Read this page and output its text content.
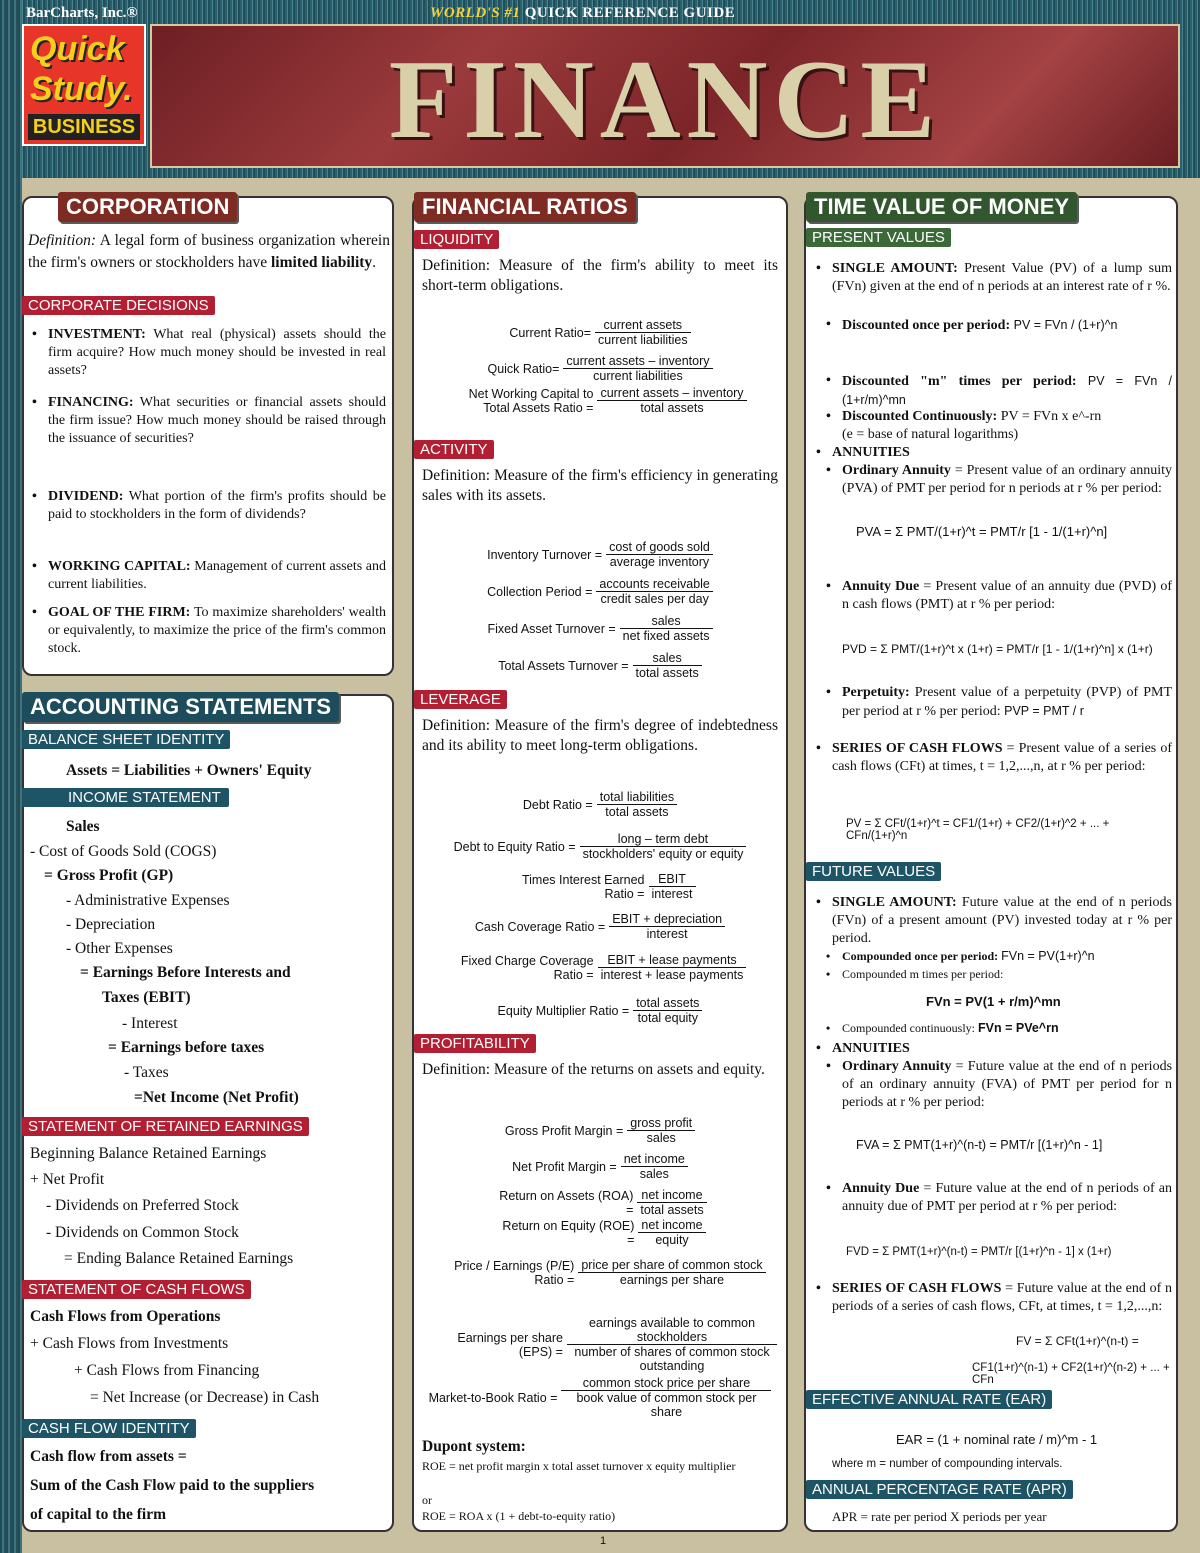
BarCharts, Inc.®	WORLD'S #1 QUICK REFERENCE GUIDE
Quick
Study.
BUSINESS	FINANCE
Definition: A legal form of business organization wherein the firm's owners or stockholders have limited liability.
• INVESTMENT: What real (physical) assets should the firm acquire? How much money should be invested in real assets?
• FINANCING: What securities or financial assets should the firm issue? How much money should be raised through the issuance of securities?
• DIVIDEND: What portion of the firm's profits should be paid to stockholders in the form of dividends?
• WORKING CAPITAL: Management of current assets and current liabilities.
• GOAL OF THE FIRM: To maximize shareholders' wealth or equivalently, to maximize the price of the firm's common stock.
CORPORATION
CORPORATE DECISIONS
Assets = Liabilities + Owners' Equity
Sales
- Cost of Goods Sold (COGS)
= Gross Profit (GP)
- Administrative Expenses
- Depreciation
- Other Expenses
= Earnings Before Interests and
Taxes (EBIT)
- Interest
= Earnings before taxes
- Taxes
=Net Income (Net Profit)
Beginning Balance Retained Earnings
+ Net Profit
- Dividends on Preferred Stock
- Dividends on Common Stock
= Ending Balance Retained Earnings
Cash Flows from Operations
+ Cash Flows from Investments
+ Cash Flows from Financing
= Net Increase (or Decrease) in Cash
Cash flow from assets =
Sum of the Cash Flow paid to the suppliers
of capital to the firm
ACCOUNTING STATEMENTS
BALANCE SHEET IDENTITY
INCOME STATEMENT
STATEMENT OF RETAINED EARNINGS
STATEMENT OF CASH FLOWS
CASH FLOW IDENTITY
Definition: Measure of the firm's ability to meet its short-term obligations.
Definition: Measure of the firm's efficiency in generating sales with its assets.
Definition: Measure of the firm's degree of indebtedness and its ability to meet long-term obligations.
Definition: Measure of the returns on assets and equity.
Dupont system:
ROE = net profit margin x total asset turnover x equity multiplier
or
ROE = ROA x (1 + debt-to-equity ratio)
FINANCIAL RATIOS
LIQUIDITY
ACTIVITY
LEVERAGE
PROFITABILITY
Current Ratio= $\frac{\text{current assets}}{\text{current liabilities}}$
Quick Ratio= $\frac{\text{current assets – inventory}}{\text{current liabilities}}$
Net Working Capital to Total Assets Ratio = $\frac{\text{current assets – inventory}}{\text{total assets}}$
Inventory Turnover = $\frac{\text{cost of goods sold}}{\text{average inventory}}$
Collection Period = $\frac{\text{accounts receivable}}{\text{credit sales per day}}$
Fixed Asset Turnover = $\frac{\text{sales}}{\text{net fixed assets}}$
Total Assets Turnover = $\frac{\text{sales}}{\text{total assets}}$
Debt Ratio = $\frac{\text{total liabilities}}{\text{total assets}}$
Debt to Equity Ratio = $\frac{\text{long – term debt}}{\text{stockholders' equity or equity}}$
Times Interest Earned Ratio = $\frac{\text{EBIT}}{\text{interest}}$
Cash Coverage Ratio = $\frac{\text{EBIT + depreciation}}{\text{interest}}$
Fixed Charge Coverage Ratio = $\frac{\text{EBIT + lease payments}}{\text{interest + lease payments}}$
Equity Multiplier Ratio = $\frac{\text{total assets}}{\text{total equity}}$
Gross Profit Margin = $\frac{\text{gross profit}}{\text{sales}}$
Net Profit Margin = $\frac{\text{net income}}{\text{sales}}$
Return on Assets $(ROA) = \frac{\text{net income}}{\text{total assets}}$
Return on Equity $(ROE) = \frac{\text{net income}}{\text{equity}}$
Price / Earnings (P/E) Ratio = $\frac{\text{price per share of common stock}}{\text{earnings per share}}$
Earnings per share $(EPS) = \frac{\text{earnings available to common stockholders}}{\text{number of shares of common stock outstanding}}$
Market-to-Book Ratio = $\frac{\text{common stock price per share}}{\text{book value of common stock per share}}$
• SINGLE AMOUNT: Present Value (PV) of a lump sum (FVn) given at the end of n periods at an interest rate of r %.
• Discounted once per period: PV = FVn / (1+r)^n
• Discounted "m" times per period: PV = FVn / (1+r/m)^mn
• Discounted Continuously: PV = FVn x e^-rn
(e = base of natural logarithms)
• ANNUITIES
• Ordinary Annuity = Present value of an ordinary annuity (PVA) of PMT per period for n periods at r % per period:
PVA = Σ PMT/(1+r)^t = PMT/r [1 - 1/(1+r)^n]
• Annuity Due = Present value of an annuity due (PVD) of n cash flows (PMT) at r % per period:
PVD = Σ PMT/(1+r)^t x (1+r) = PMT/r [1 - 1/(1+r)^n] x (1+r)
• Perpetuity: Present value of a perpetuity (PVP) of PMT per period at r % per period: PVP = PMT / r
• SERIES OF CASH FLOWS = Present value of a series of cash flows (CFt) at times, t = 1,2,...,n, at r % per period:
PV = Σ CFt/(1+r)^t = CF1/(1+r) + CF2/(1+r)^2 + ... + CFn/(1+r)^n
• SINGLE AMOUNT: Future value at the end of n periods (FVn) of a present amount (PV) invested today at r % per period.
• Compounded once per period: FVn = PV(1+r)^n
• Compounded m times per period:
FVn = PV(1 + r/m)^mn
• Compounded continuously: FVn = PVe^rn
• ANNUITIES
• Ordinary Annuity = Future value at the end of n periods of an ordinary annuity (FVA) of PMT per period for n periods at r % per period:
FVA = Σ PMT(1+r)^(n-t) = PMT/r [(1+r)^n - 1]
• Annuity Due = Future value at the end of n periods of an annuity due of PMT per period at r % per period:
FVD = Σ PMT(1+r)^(n-t) = PMT/r [(1+r)^n - 1] x (1+r)
• SERIES OF CASH FLOWS = Future value at the end of n periods of a series of cash flows, CFt, at times, t = 1,2,...,n:
FV = Σ CFt(1+r)^(n-t) =
CF1(1+r)^(n-1) + CF2(1+r)^(n-2) + ... + CFn
EAR = (1 + nominal rate / m)^m - 1
where m = number of compounding intervals.
APR = rate per period X periods per year
TIME VALUE OF MONEY
PRESENT VALUES
FUTURE VALUES
EFFECTIVE ANNUAL RATE (EAR)
ANNUAL PERCENTAGE RATE (APR)
1
